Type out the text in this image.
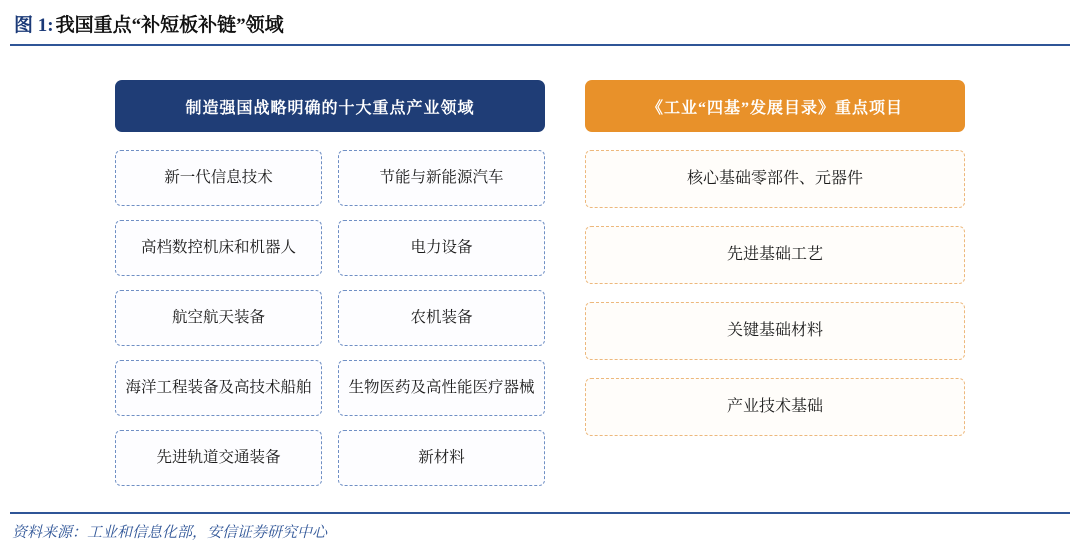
图 1: 我国重点“补短板补链”领域
制造强国战略明确的十大重点产业领域
新一代信息技术	节能与新能源汽车
高档数控机床和机器人	电力设备
航空航天装备	农机装备
海洋工程装备及高技术船舶	生物医药及高性能医疗器械
先进轨道交通装备	新材料
《工业“四基”发展目录》重点项目
核心基础零部件、元器件
先进基础工艺
关键基础材料
产业技术基础
资料来源：工业和信息化部，安信证券研究中心
